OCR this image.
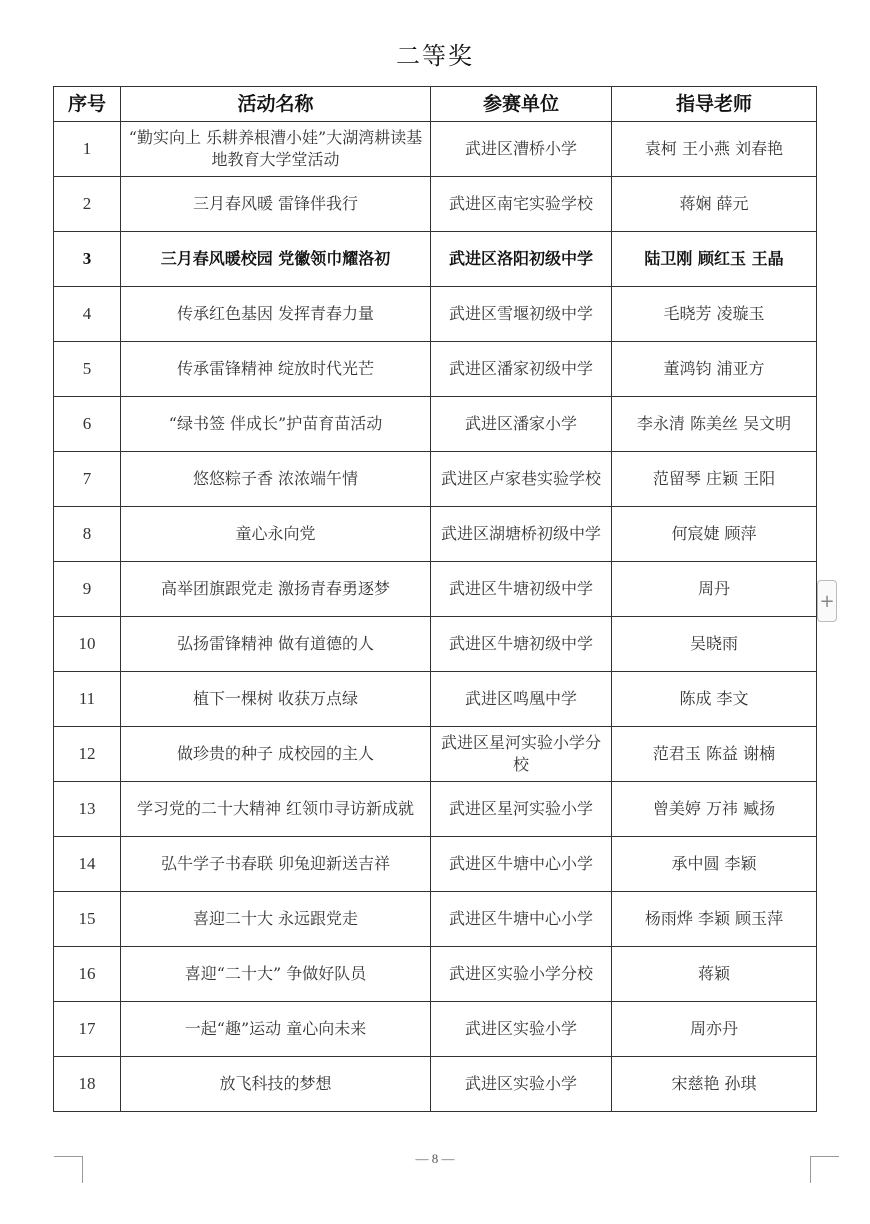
二等奖
序号	活动名称	参赛单位	指导老师
1	“勤实向上 乐耕养根漕小娃”大湖湾耕读基地教育大学堂活动	武进区漕桥小学	袁柯 王小燕 刘春艳
2	三月春风暖 雷锋伴我行	武进区南宅实验学校	蒋娴 薛元
3	三月春风暖校园 党徽领巾耀洛初	武进区洛阳初级中学	陆卫刚 顾红玉 王晶
4	传承红色基因 发挥青春力量	武进区雪堰初级中学	毛晓芳 凌璇玉
5	传承雷锋精神 绽放时代光芒	武进区潘家初级中学	董鸿钧 浦亚方
6	“绿书签 伴成长”护苗育苗活动	武进区潘家小学	李永清 陈美丝 吴文明
7	悠悠粽子香 浓浓端午情	武进区卢家巷实验学校	范留琴 庄颖 王阳
8	童心永向党	武进区湖塘桥初级中学	何宸婕 顾萍
9	高举团旗跟党走 激扬青春勇逐梦	武进区牛塘初级中学	周丹
10	弘扬雷锋精神 做有道德的人	武进区牛塘初级中学	吴晓雨
11	植下一棵树 收获万点绿	武进区鸣凰中学	陈成 李文
12	做珍贵的种子 成校园的主人	武进区星河实验小学分校	范君玉 陈益 谢楠
13	学习党的二十大精神 红领巾寻访新成就	武进区星河实验小学	曾美婷 万祎 臧扬
14	弘牛学子书春联 卯兔迎新送吉祥	武进区牛塘中心小学	承中圆 李颖
15	喜迎二十大 永远跟党走	武进区牛塘中心小学	杨雨烨 李颖 顾玉萍
16	喜迎“二十大” 争做好队员	武进区实验小学分校	蒋颖
17	一起“趣”运动 童心向未来	武进区实验小学	周亦丹
18	放飞科技的梦想	武进区实验小学	宋慈艳 孙琪
+
— 8 —
